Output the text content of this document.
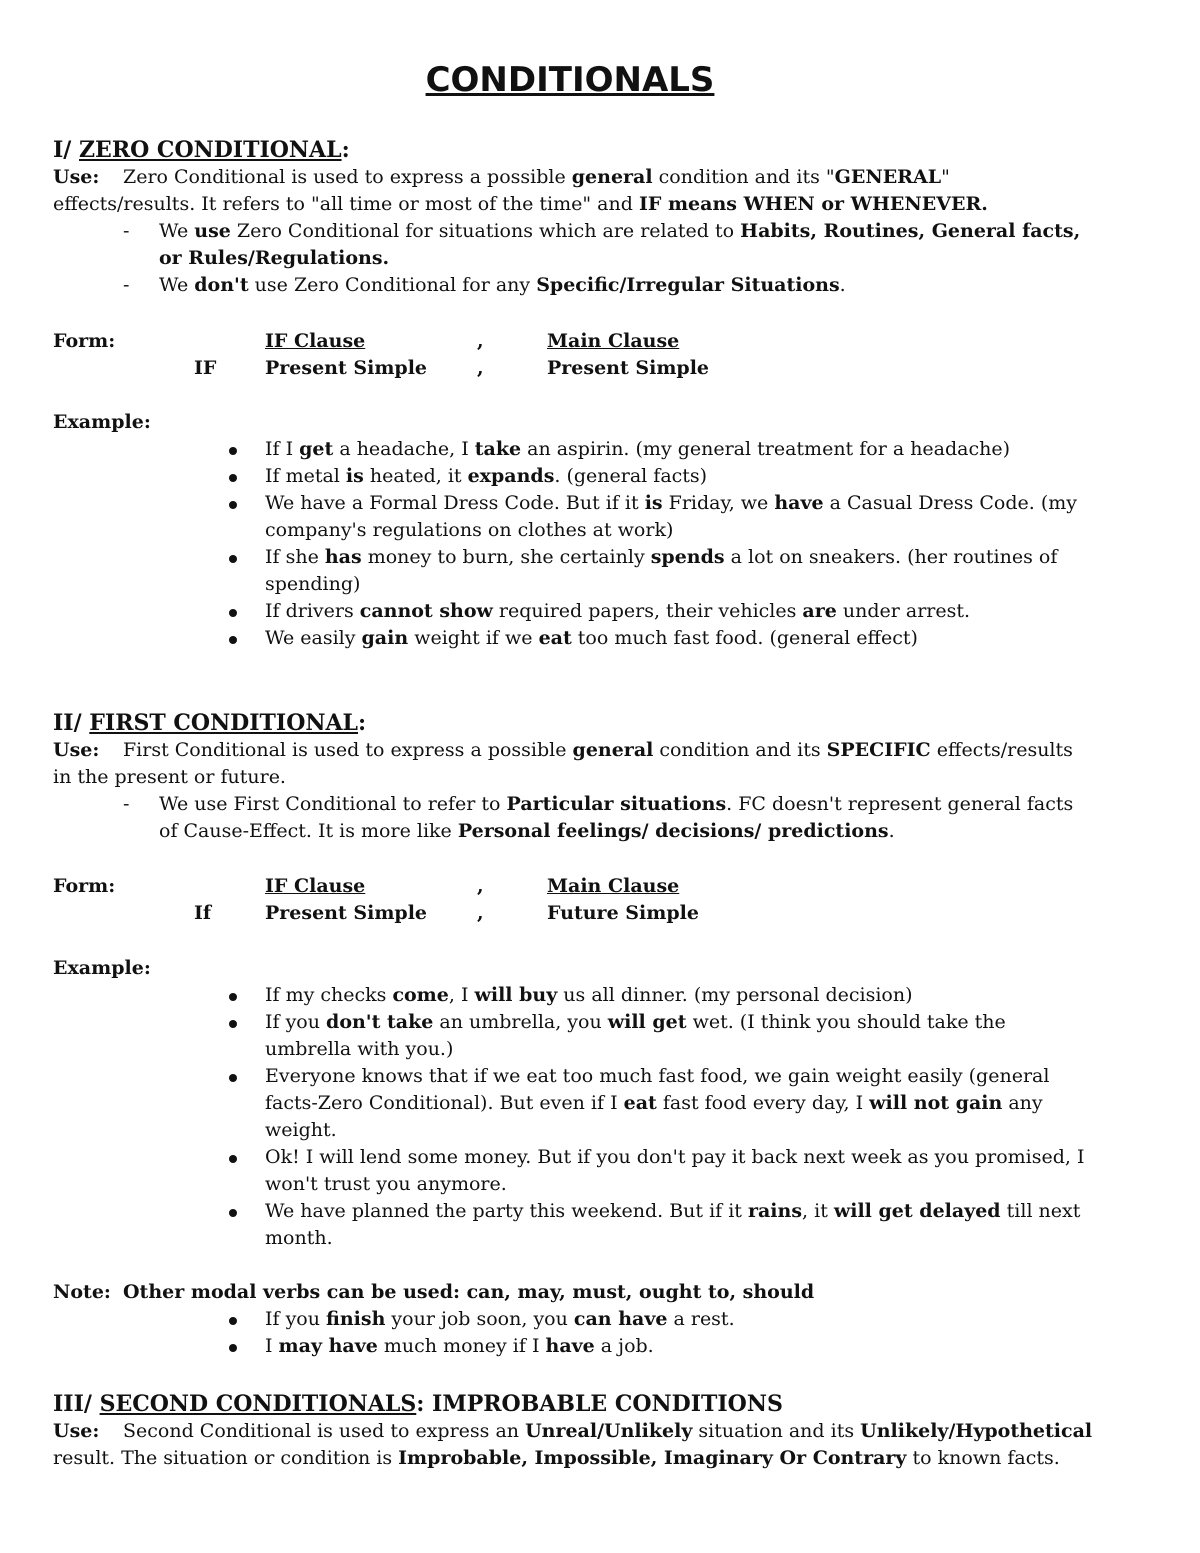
CONDITIONALS
I/ ZERO CONDITIONAL:

Use: Zero Conditional is used to express a possible general condition and its "GENERAL" effects/results. It refers to "all time or most of the time" and IF means WHEN or WHENEVER.

- We use Zero Conditional for situations which are related to Habits, Routines, General facts, or Rules/Regulations.

- We don't use Zero Conditional for any Specific/Irregular Situations.

Form:	IF Clause	,	Main Clause
IF	Present Simple	,	Present Simple
Example:

If I get a headache, I take an aspirin. (my general treatment for a headache)

If metal is heated, it expands. (general facts)

We have a Formal Dress Code. But if it is Friday, we have a Casual Dress Code. (my company's regulations on clothes at work)

If she has money to burn, she certainly spends a lot on sneakers. (her routines of spending)

If drivers cannot show required papers, their vehicles are under arrest.

We easily gain weight if we eat too much fast food. (general effect)

II/ FIRST CONDITIONAL:

Use: First Conditional is used to express a possible general condition and its SPECIFIC effects/results in the present or future.

- We use First Conditional to refer to Particular situations. FC doesn't represent general facts of Cause-Effect. It is more like Personal feelings/ decisions/ predictions.

Form:	IF Clause	,	Main Clause
If	Present Simple	,	Future Simple
Example:

If my checks come, I will buy us all dinner. (my personal decision)

If you don't take an umbrella, you will get wet. (I think you should take the umbrella with you.)

Everyone knows that if we eat too much fast food, we gain weight easily (general facts-Zero Conditional). But even if I eat fast food every day, I will not gain any weight.

Ok! I will lend some money. But if you don't pay it back next week as you promised, I won't trust you anymore.

We have planned the party this weekend. But if it rains, it will get delayed till next month.

Note: Other modal verbs can be used: can, may, must, ought to, should

If you finish your job soon, you can have a rest.

I may have much money if I have a job.

III/ SECOND CONDITIONALS: IMPROBABLE CONDITIONS

Use: Second Conditional is used to express an Unreal/Unlikely situation and its Unlikely/Hypothetical result. The situation or condition is Improbable, Impossible, Imaginary Or Contrary to known facts.
